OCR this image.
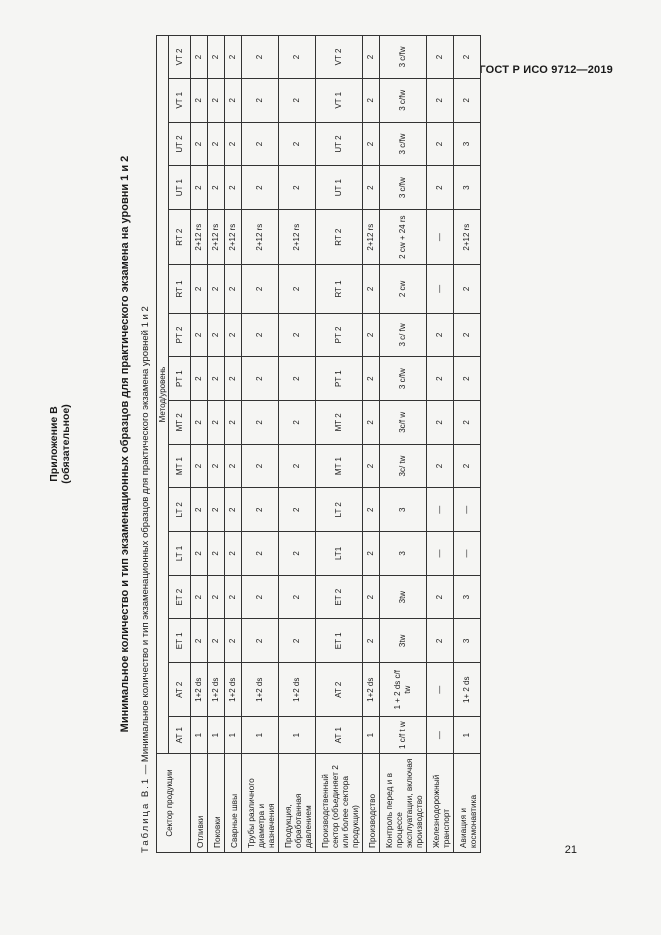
ГОСТ Р ИСО 9712—2019
Приложение В (обязательное)	Минимальное количество и тип экзаменационных образцов для практического экзамена на уровни 1 и 2
Таблица В.1 — Минимальное количество и тип экзаменационных образцов для практического экзамена уровней 1 и 2
Сектор продукции	Метод/уровень															
	AT 1	AT 2	ET 1	ET 2	LT 1	LT 2	MT 1	MT 2	PT 1	PT 2	RT 1	RT 2	UT 1	UT 2	VT 1	VT 2
Отливки	1	1+2 ds	2	2	2	2	2	2	2	2	2	2+12 rs	2	2	2	2
Поковки	1	1+2 ds	2	2	2	2	2	2	2	2	2	2+12 rs	2	2	2	2
Сварные швы	1	1+2 ds	2	2	2	2	2	2	2	2	2	2+12 rs	2	2	2	2
Трубы различного диаметра и назначения	1	1+2 ds	2	2	2	2	2	2	2	2	2	2+12 rs	2	2	2	2
Продукция, обработанная давлением	1	1+2 ds	2	2	2	2	2	2	2	2	2	2+12 rs	2	2	2	2
Производственный сектор (объединяет 2 или более сектора продукции)	AT 1	AT 2	ET 1	ET 2	LT1	LT 2	MT 1	MT 2	PT 1	PT 2	RT 1	RT 2	UT 1	UT 2	VT 1	VT 2
Производство	1	1+2 ds	2	2	2	2	2	2	2	2	2	2+12 rs	2	2	2	2
Контроль перед и в процессе эксплуатации, включая производство	1 c/f t w	1 + 2 ds c/f tw	3tw	3tw	3	3	3c/ tw	3c/f w	3 c/fw	3 c/ fw	2 cw	2 cw + 24 rs	3 c/fw	3 c/fw	3 c/fw	3 c/fw
Железнодорожный транспорт	—	—	2	2	—	—	2	2	2	2	—	—	2	2	2	2
Авиация и космонавтика	1	1+ 2 ds	3	3	—	—	2	2	2	2	2	2+12 rs	3	3	2	2
21
